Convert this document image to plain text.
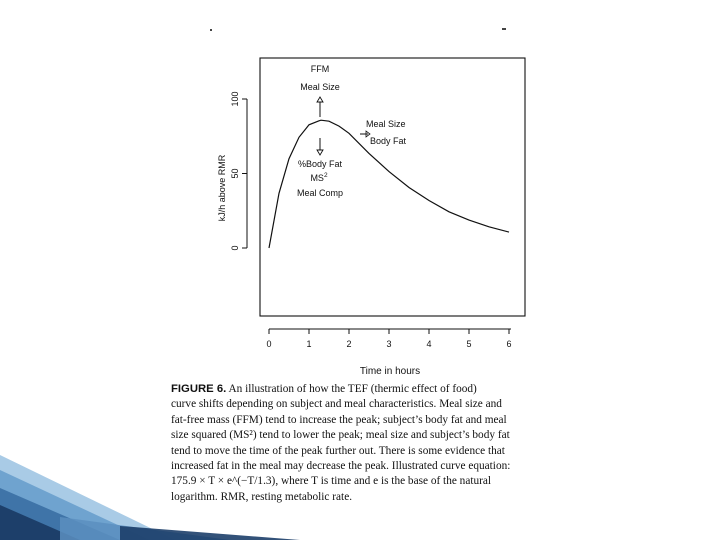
0
50
100
0	1	2	3	4	5	6
kJ/h above RMR
Time in hours
FFM
Meal Size
Meal Size
Body Fat
%Body Fat
$MS^2$
Meal Comp
FIGURE 6. An illustration of how the TEF (thermic effect of food)
curve shifts depending on subject and meal characteristics. Meal size and
fat-free mass (FFM) tend to increase the peak; subject’s body fat and meal
size squared (MS²) tend to lower the peak; meal size and subject’s body fat
tend to move the time of the peak further out. There is some evidence that
increased fat in the meal may decrease the peak. Illustrated curve equation:
175.9 × T × e^(−T/1.3), where T is time and e is the base of the natural
logarithm. RMR, resting metabolic rate.
